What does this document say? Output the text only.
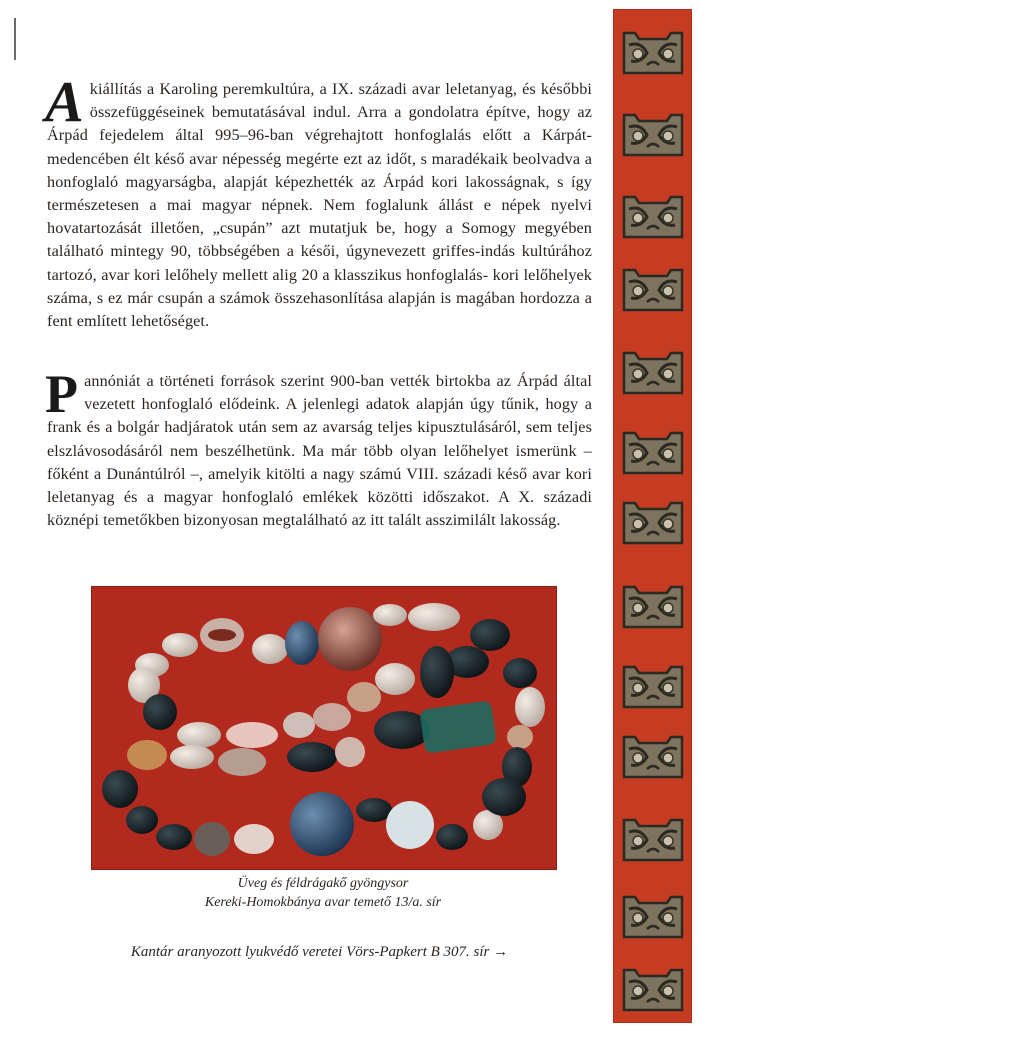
Akiállítás a Karoling peremkultúra, a IX. századi avar leletanyag, és későbbi összefüggéseinek bemutatásával indul. Arra a gondolatra építve, hogy az Árpád fejedelem által 995–96-ban végrehajtott honfoglalás előtt a Kárpát-medencében élt késő avar népesség megérte ezt az időt, s maradékaik beolvadva a honfoglaló magyarságba, alapját képezhették az Árpád kori lakosságnak, s így természetesen a mai magyar népnek. Nem foglalunk állást e népek nyelvi hovatartozását illetően, „csupán” azt mutatjuk be, hogy a Somogy megyében található mintegy 90, többségében a késői, úgynevezett griffes-indás kultúrához tartozó, avar kori lelőhely mellett alig 20 a klasszikus honfoglalás- kori lelőhelyek száma, s ez már csupán a számok összehasonlítása alapján is magában hordozza a fent említett lehetőséget.
Pannóniát a történeti források szerint 900-ban vették birtokba az Árpád által vezetett honfoglaló elődeink. A jelenlegi adatok alapján úgy tűnik, hogy a frank és a bolgár hadjáratok után sem az avarság teljes kipusztulásáról, sem teljes elszlávosodásáról nem beszélhetünk. Ma már több olyan lelőhelyet ismerünk – főként a Dunántúlról –, amelyik kitölti a nagy számú VIII. századi késő avar kori leletanyag és a magyar honfoglaló emlékek közötti időszakot. A X. századi köznépi temetőkben bizonyosan megtalálható az itt talált asszimilált lakosság.
Üveg és féldrágakő gyöngysor
Kereki-Homokbánya avar temető 13/a. sír
Kantár aranyozott lyukvédő veretei Vörs-Papkert B 307. sír →
